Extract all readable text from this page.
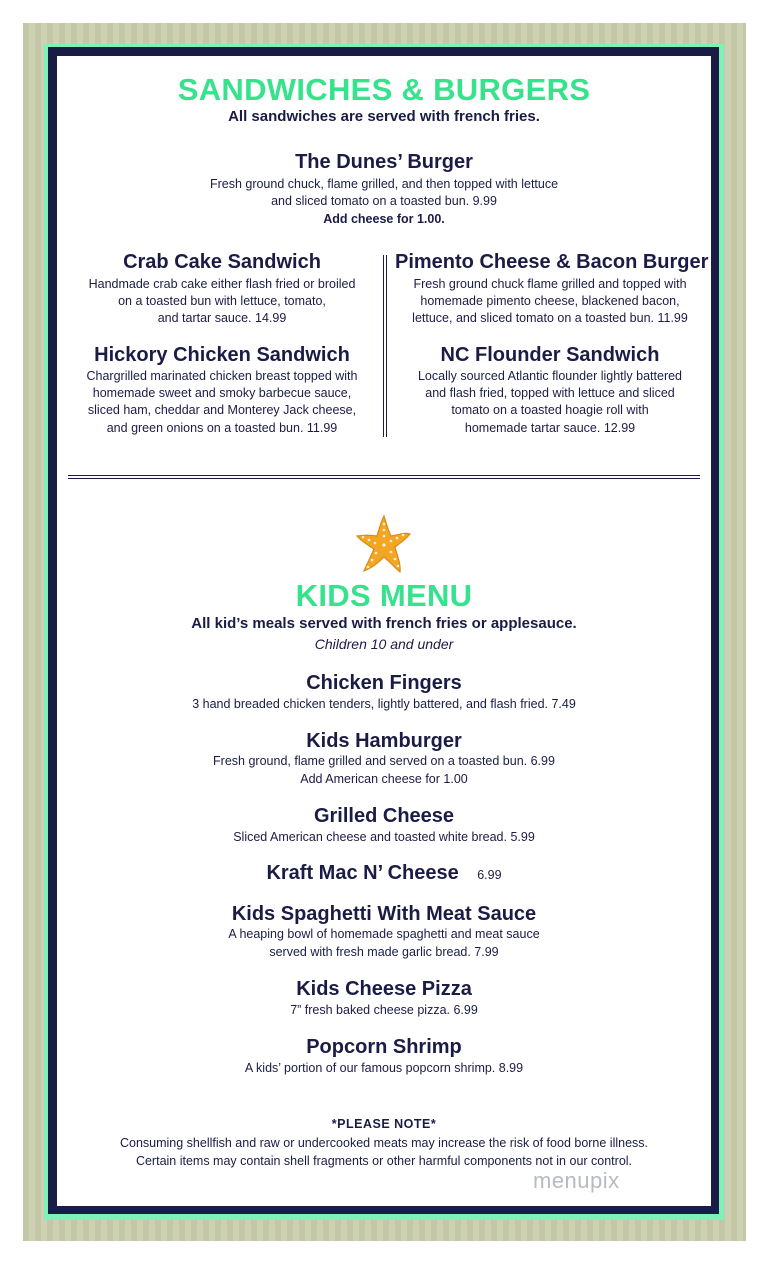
SANDWICHES & BURGERS
All sandwiches are served with french fries.
The Dunes’ Burger
Fresh ground chuck, flame grilled, and then topped with lettuce
and sliced tomato on a toasted bun. 9.99
Add cheese for 1.00.
Crab Cake Sandwich
Handmade crab cake either flash fried or broiled
on a toasted bun with lettuce, tomato,
and tartar sauce. 14.99
Hickory Chicken Sandwich
Chargrilled marinated chicken breast topped with
homemade sweet and smoky barbecue sauce,
sliced ham, cheddar and Monterey Jack cheese,
and green onions on a toasted bun. 11.99
Pimento Cheese & Bacon Burger
Fresh ground chuck flame grilled and topped with
homemade pimento cheese, blackened bacon,
lettuce, and sliced tomato on a toasted bun. 11.99
NC Flounder Sandwich
Locally sourced Atlantic flounder lightly battered
and flash fried, topped with lettuce and sliced
tomato on a toasted hoagie roll with
homemade tartar sauce. 12.99
KIDS MENU
All kid’s meals served with french fries or applesauce.
Children 10 and under
Chicken Fingers
3 hand breaded chicken tenders, lightly battered, and flash fried. 7.49
Kids Hamburger
Fresh ground, flame grilled and served on a toasted bun. 6.99
Add American cheese for 1.00
Grilled Cheese
Sliced American cheese and toasted white bread. 5.99
Kraft Mac N’ Cheese 6.99
Kids Spaghetti With Meat Sauce
A heaping bowl of homemade spaghetti and meat sauce
served with fresh made garlic bread. 7.99
Kids Cheese Pizza
7” fresh baked cheese pizza. 6.99
Popcorn Shrimp
A kids’ portion of our famous popcorn shrimp. 8.99
*PLEASE NOTE*
Consuming shellfish and raw or undercooked meats may increase the risk of food borne illness.
Certain items may contain shell fragments or other harmful components not in our control.
menupix
